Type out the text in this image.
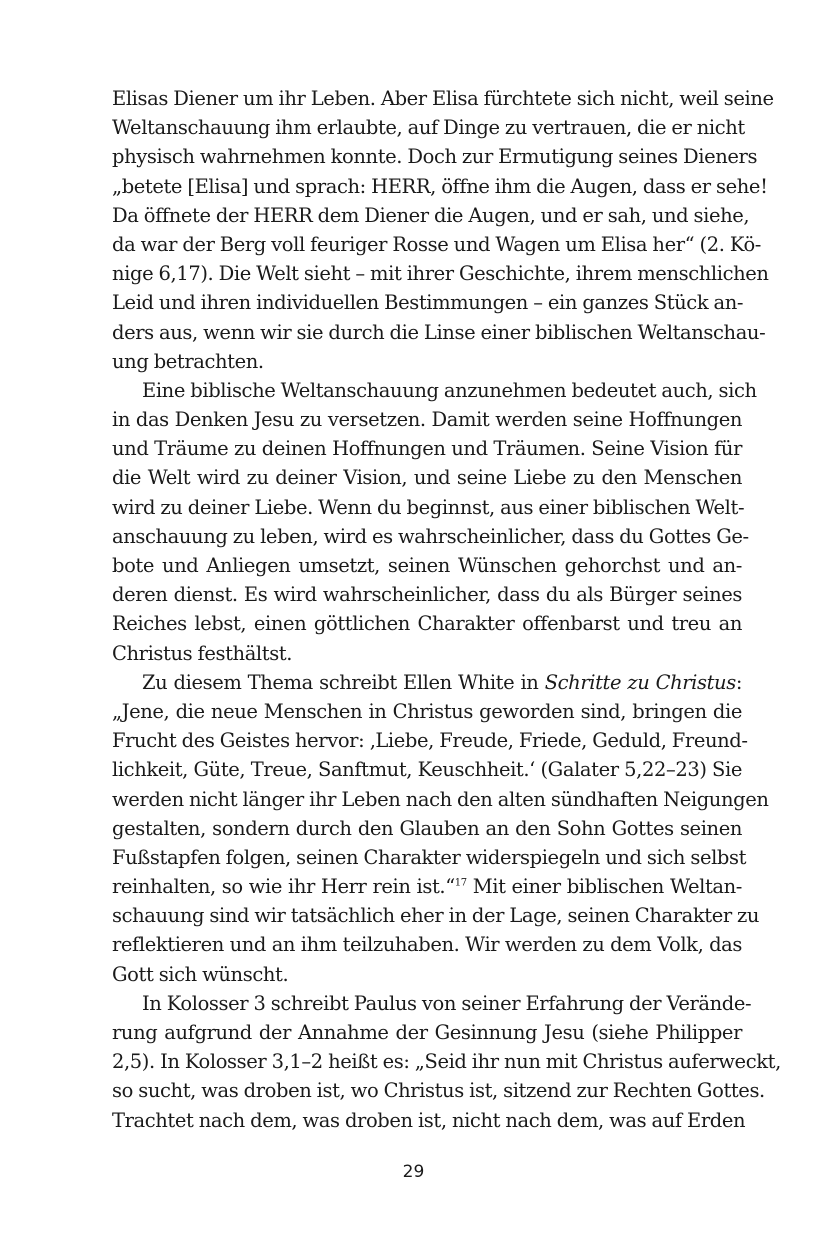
Elisas Diener um ihr Leben. Aber Elisa fürchtete sich nicht, weil seine
Weltanschauung ihm erlaubte, auf Dinge zu vertrauen, die er nicht
physisch wahrnehmen konnte. Doch zur Ermutigung seines Dieners
„betete [Elisa] und sprach: HERR, öffne ihm die Augen, dass er sehe!
Da öffnete der HERR dem Diener die Augen, und er sah, und siehe,
da war der Berg voll feuriger Rosse und Wagen um Elisa her“ (2. Kö-
nige 6,17). Die Welt sieht – mit ihrer Geschichte, ihrem menschlichen
Leid und ihren individuellen Bestimmungen – ein ganzes Stück an-
ders aus, wenn wir sie durch die Linse einer biblischen Weltanschau-
ung betrachten.
Eine biblische Weltanschauung anzunehmen bedeutet auch, sich
in das Denken Jesu zu versetzen. Damit werden seine Hoffnungen
und Träume zu deinen Hoffnungen und Träumen. Seine Vision für
die Welt wird zu deiner Vision, und seine Liebe zu den Menschen
wird zu deiner Liebe. Wenn du beginnst, aus einer biblischen Welt-
anschauung zu leben, wird es wahrscheinlicher, dass du Gottes Ge-
bote und Anliegen umsetzt, seinen Wünschen gehorchst und an-
deren dienst. Es wird wahrscheinlicher, dass du als Bürger seines
Reiches lebst, einen göttlichen Charakter offenbarst und treu an
Christus festhältst.
Zu diesem Thema schreibt Ellen White in Schritte zu Christus:
„Jene, die neue Menschen in Christus geworden sind, bringen die
Frucht des Geistes hervor: ‚Liebe, Freude, Friede, Geduld, Freund-
lichkeit, Güte, Treue, Sanftmut, Keuschheit.‘ (Galater 5,22–23) Sie
werden nicht länger ihr Leben nach den alten sündhaften Neigungen
gestalten, sondern durch den Glauben an den Sohn Gottes seinen
Fußstapfen folgen, seinen Charakter widerspiegeln und sich selbst
reinhalten, so wie ihr Herr rein ist.“$^{17}$ Mit einer biblischen Weltan-
schauung sind wir tatsächlich eher in der Lage, seinen Charakter zu
reflektieren und an ihm teilzuhaben. Wir werden zu dem Volk, das
Gott sich wünscht.
In Kolosser 3 schreibt Paulus von seiner Erfahrung der Verände-
rung aufgrund der Annahme der Gesinnung Jesu (siehe Philipper
2,5). In Kolosser 3,1–2 heißt es: „Seid ihr nun mit Christus auferweckt,
so sucht, was droben ist, wo Christus ist, sitzend zur Rechten Gottes.
Trachtet nach dem, was droben ist, nicht nach dem, was auf Erden
29
